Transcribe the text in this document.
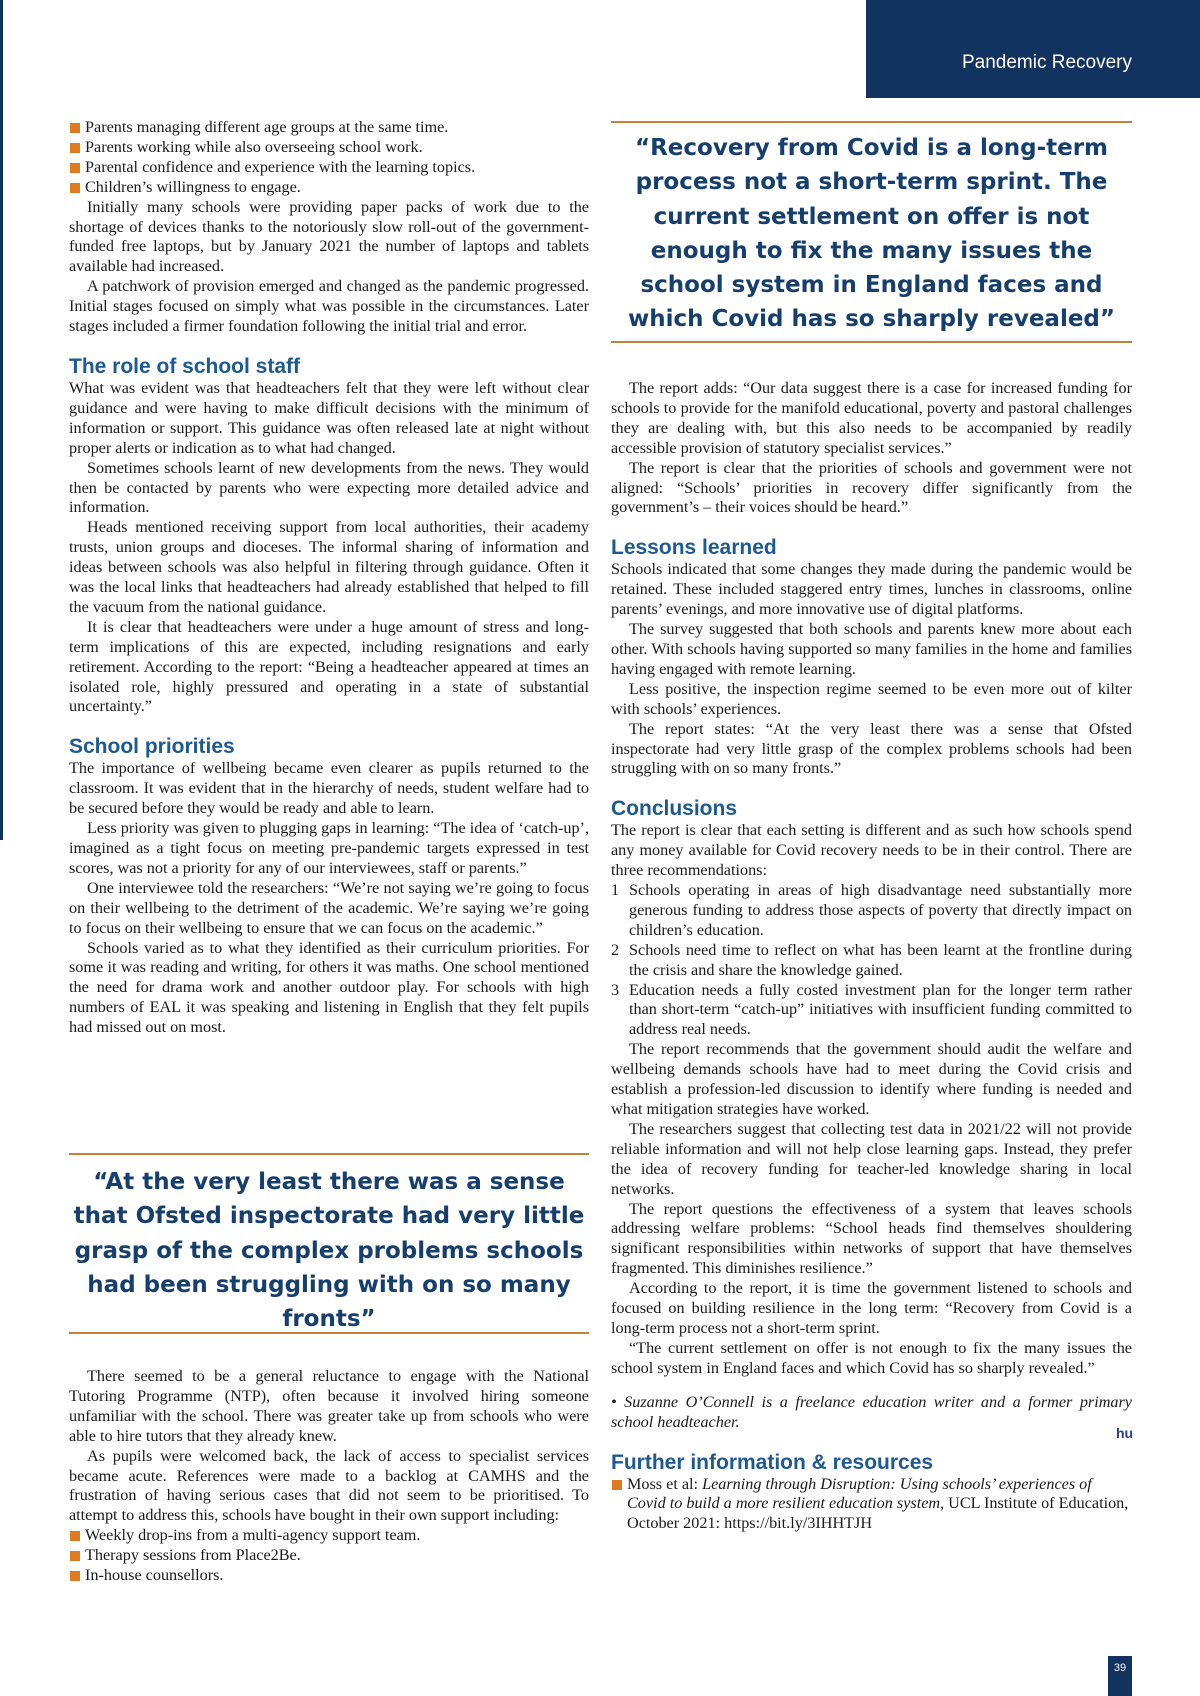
Pandemic Recovery
Parents managing different age groups at the same time.
Parents working while also overseeing school work.
Parental confidence and experience with the learning topics.
Children’s willingness to engage.

Initially many schools were providing paper packs of work due to the shortage of devices thanks to the notoriously slow roll-out of the government-funded free laptops, but by January 2021 the number of laptops and tablets available had increased.

A patchwork of provision emerged and changed as the pandemic progressed. Initial stages focused on simply what was possible in the circumstances. Later stages included a firmer foundation following the initial trial and error.

The role of school staff

What was evident was that headteachers felt that they were left without clear guidance and were having to make difficult decisions with the minimum of information or support. This guidance was often released late at night without proper alerts or indication as to what had changed.

Sometimes schools learnt of new developments from the news. They would then be contacted by parents who were expecting more detailed advice and information.

Heads mentioned receiving support from local authorities, their academy trusts, union groups and dioceses. The informal sharing of information and ideas between schools was also helpful in filtering through guidance. Often it was the local links that headteachers had already established that helped to fill the vacuum from the national guidance.

It is clear that headteachers were under a huge amount of stress and long-term implications of this are expected, including resignations and early retirement. According to the report: “Being a headteacher appeared at times an isolated role, highly pressured and operating in a state of substantial uncertainty.”

School priorities

The importance of wellbeing became even clearer as pupils returned to the classroom. It was evident that in the hierarchy of needs, student welfare had to be secured before they would be ready and able to learn.

Less priority was given to plugging gaps in learning: “The idea of ‘catch-up’, imagined as a tight focus on meeting pre-pandemic targets expressed in test scores, was not a priority for any of our interviewees, staff or parents.”

One interviewee told the researchers: “We’re not saying we’re going to focus on their wellbeing to the detriment of the academic. We’re saying we’re going to focus on their wellbeing to ensure that we can focus on the academic.”

Schools varied as to what they identified as their curriculum priorities. For some it was reading and writing, for others it was maths. One school mentioned the need for drama work and another outdoor play. For schools with high numbers of EAL it was speaking and listening in English that they felt pupils had missed out on most.

“At the very least there was a sense that Ofsted inspectorate had very little grasp of the complex problems schools had been struggling with on so many fronts”

There seemed to be a general reluctance to engage with the National Tutoring Programme (NTP), often because it involved hiring someone unfamiliar with the school. There was greater take up from schools who were able to hire tutors that they already knew.

As pupils were welcomed back, the lack of access to specialist services became acute. References were made to a backlog at CAMHS and the frustration of having serious cases that did not seem to be prioritised. To attempt to address this, schools have bought in their own support including:

Weekly drop-ins from a multi-agency support team.
Therapy sessions from Place2Be.
In-house counsellors.
“Recovery from Covid is a long-term process not a short-term sprint. The current settlement on offer is not enough to fix the many issues the school system in England faces and which Covid has so sharply revealed”

The report adds: “Our data suggest there is a case for increased funding for schools to provide for the manifold educational, poverty and pastoral challenges they are dealing with, but this also needs to be accompanied by readily accessible provision of statutory specialist services.”

The report is clear that the priorities of schools and government were not aligned: “Schools’ priorities in recovery differ significantly from the government’s – their voices should be heard.”

Lessons learned

Schools indicated that some changes they made during the pandemic would be retained. These included staggered entry times, lunches in classrooms, online parents’ evenings, and more innovative use of digital platforms.

The survey suggested that both schools and parents knew more about each other. With schools having supported so many families in the home and families having engaged with remote learning.

Less positive, the inspection regime seemed to be even more out of kilter with schools’ experiences.

The report states: “At the very least there was a sense that Ofsted inspectorate had very little grasp of the complex problems schools had been struggling with on so many fronts.”

Conclusions

The report is clear that each setting is different and as such how schools spend any money available for Covid recovery needs to be in their control. There are three recommendations:

1 Schools operating in areas of high disadvantage need substantially more generous funding to address those aspects of poverty that directly impact on children’s education.
2 Schools need time to reflect on what has been learnt at the frontline during the crisis and share the knowledge gained.
3 Education needs a fully costed investment plan for the longer term rather than short-term “catch-up” initiatives with insufficient funding committed to address real needs.

The report recommends that the government should audit the welfare and wellbeing demands schools have had to meet during the Covid crisis and establish a profession-led discussion to identify where funding is needed and what mitigation strategies have worked.

The researchers suggest that collecting test data in 2021/22 will not provide reliable information and will not help close learning gaps. Instead, they prefer the idea of recovery funding for teacher-led knowledge sharing in local networks.

The report questions the effectiveness of a system that leaves schools addressing welfare problems: “School heads find themselves shouldering significant responsibilities within networks of support that have themselves fragmented. This diminishes resilience.”

According to the report, it is time the government listened to schools and focused on building resilience in the long term: “Recovery from Covid is a long-term process not a short-term sprint.

“The current settlement on offer is not enough to fix the many issues the school system in England faces and which Covid has so sharply revealed.”

• Suzanne O’Connell is a freelance education writer and a former primary school headteacher.

Further information & resources
Moss et al: Learning through Disruption: Using schools’ experiences of Covid to build a more resilient education system, UCL Institute of Education, October 2021: https://bit.ly/3IHHTJH
hu
39
